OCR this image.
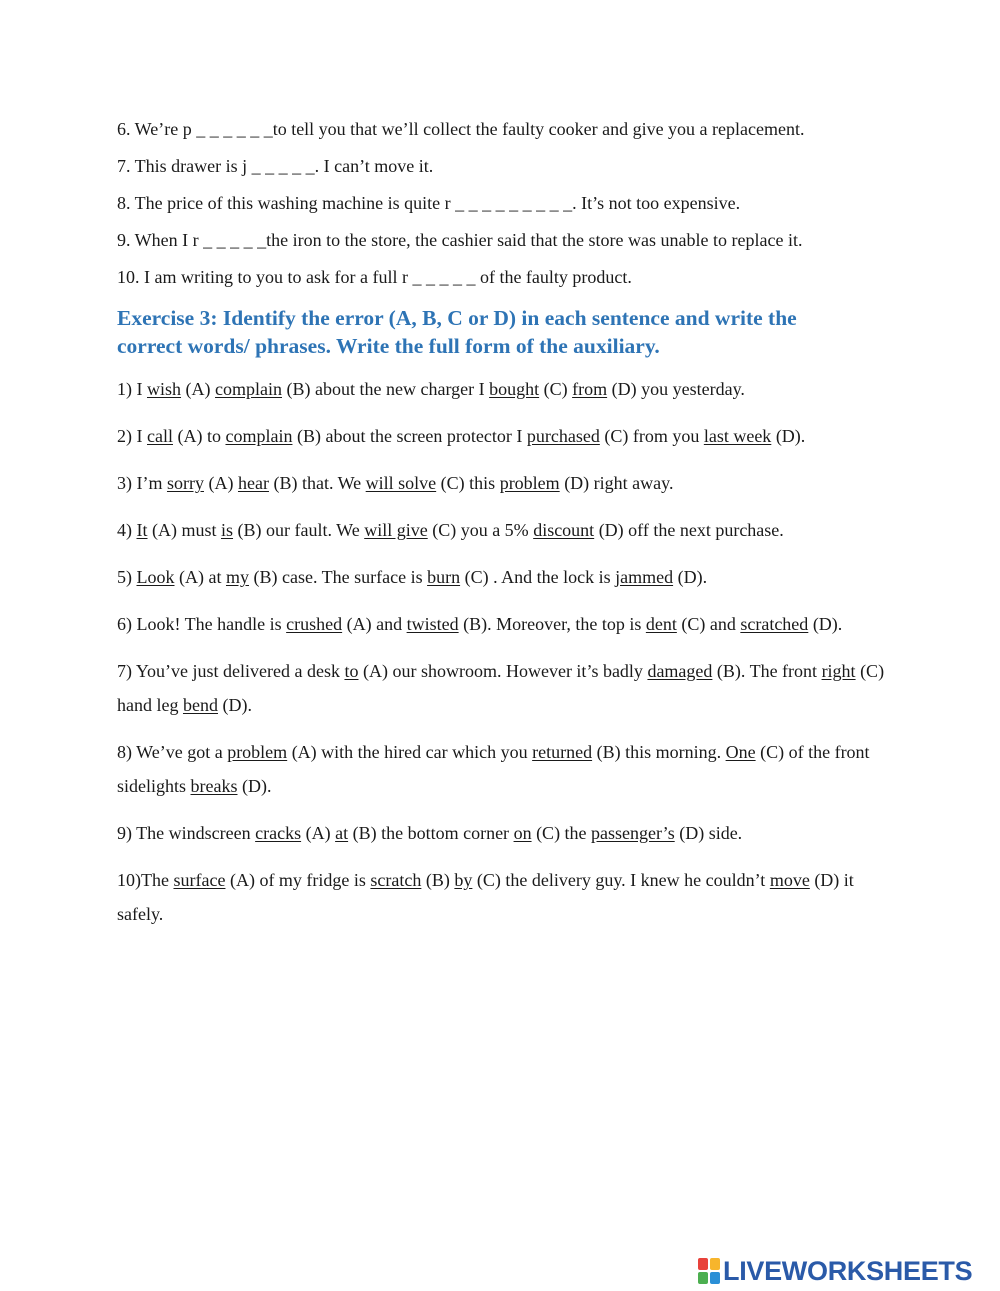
6. We’re p _ _ _ _ _ _to tell you that we’ll collect the faulty cooker and give you a replacement.

7. This drawer is j _ _ _ _ _. I can’t move it.

8. The price of this washing machine is quite r _ _ _ _ _ _ _ _ _. It’s not too expensive.

9. When I r _ _ _ _ _the iron to the store, the cashier said that the store was unable to replace it.

10. I am writing to you to ask for a full r _ _ _ _ _ of the faulty product.

Exercise 3: Identify the error (A, B, C or D) in each sentence and write the
correct words/ phrases. Write the full form of the auxiliary.

1) I wish (A) complain (B) about the new charger I bought (C) from (D) you yesterday.

2) I call (A) to complain (B) about the screen protector I purchased (C) from you last week (D).

3) I’m sorry (A) hear (B) that. We will solve (C) this problem (D) right away.

4) It (A) must is (B) our fault. We will give (C) you a 5% discount (D) off the next purchase.

5) Look (A) at my (B) case. The surface is burn (C) . And the lock is jammed (D).

6) Look! The handle is crushed (A) and twisted (B). Moreover, the top is dent (C) and scratched (D).

7) You’ve just delivered a desk to (A) our showroom. However it’s badly damaged (B). The front right (C) hand leg bend (D).

8) We’ve got a problem (A) with the hired car which you returned (B) this morning. One (C) of the front sidelights breaks (D).

9) The windscreen cracks (A) at (B) the bottom corner on (C) the passenger’s (D) side.

10)The surface (A) of my fridge is scratch (B) by (C) the delivery guy. I knew he couldn’t move (D) it safely.

LIVEWORKSHEETS
